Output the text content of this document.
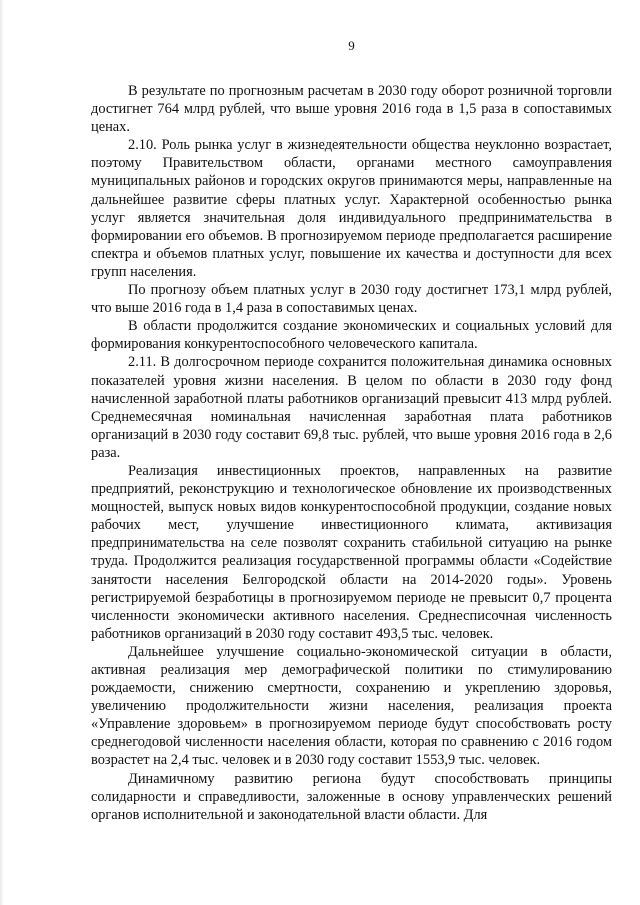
9

В результате по прогнозным расчетам в 2030 году оборот розничной торговли достигнет 764 млрд рублей, что выше уровня 2016 года в 1,5 раза в сопоставимых ценах.

2.10. Роль рынка услуг в жизнедеятельности общества неуклонно возрастает, поэтому Правительством области, органами местного самоуправления муниципальных районов и городских округов принимаются меры, направленные на дальнейшее развитие сферы платных услуг. Характерной особенностью рынка услуг является значительная доля индивидуального предпринимательства в формировании его объемов. В прогнозируемом периоде предполагается расширение спектра и объемов платных услуг, повышение их качества и доступности для всех групп населения.

По прогнозу объем платных услуг в 2030 году достигнет 173,1 млрд рублей, что выше 2016 года в 1,4 раза в сопоставимых ценах.

В области продолжится создание экономических и социальных условий для формирования конкурентоспособного человеческого капитала.

2.11. В долгосрочном периоде сохранится положительная динамика основных показателей уровня жизни населения. В целом по области в 2030 году фонд начисленной заработной платы работников организаций превысит 413 млрд рублей. Среднемесячная номинальная начисленная заработная плата работников организаций в 2030 году составит 69,8 тыс. рублей, что выше уровня 2016 года в 2,6 раза.

Реализация инвестиционных проектов, направленных на развитие предприятий, реконструкцию и технологическое обновление их производственных мощностей, выпуск новых видов конкурентоспособной продукции, создание новых рабочих мест, улучшение инвестиционного климата, активизация предпринимательства на селе позволят сохранить стабильной ситуацию на рынке труда. Продолжится реализация государственной программы области «Содействие занятости населения Белгородской области на 2014-2020 годы». Уровень регистрируемой безработицы в прогнозируемом периоде не превысит 0,7 процента численности экономически активного населения. Среднесписочная численность работников организаций в 2030 году составит 493,5 тыс. человек.

Дальнейшее улучшение социально-экономической ситуации в области, активная реализация мер демографической политики по стимулированию рождаемости, снижению смертности, сохранению и укреплению здоровья, увеличению продолжительности жизни населения, реализация проекта «Управление здоровьем» в прогнозируемом периоде будут способствовать росту среднегодовой численности населения области, которая по сравнению с 2016 годом возрастет на 2,4 тыс. человек и в 2030 году составит 1553,9 тыс. человек.

Динамичному развитию региона будут способствовать принципы солидарности и справедливости, заложенные в основу управленческих решений органов исполнительной и законодательной власти области. Для
